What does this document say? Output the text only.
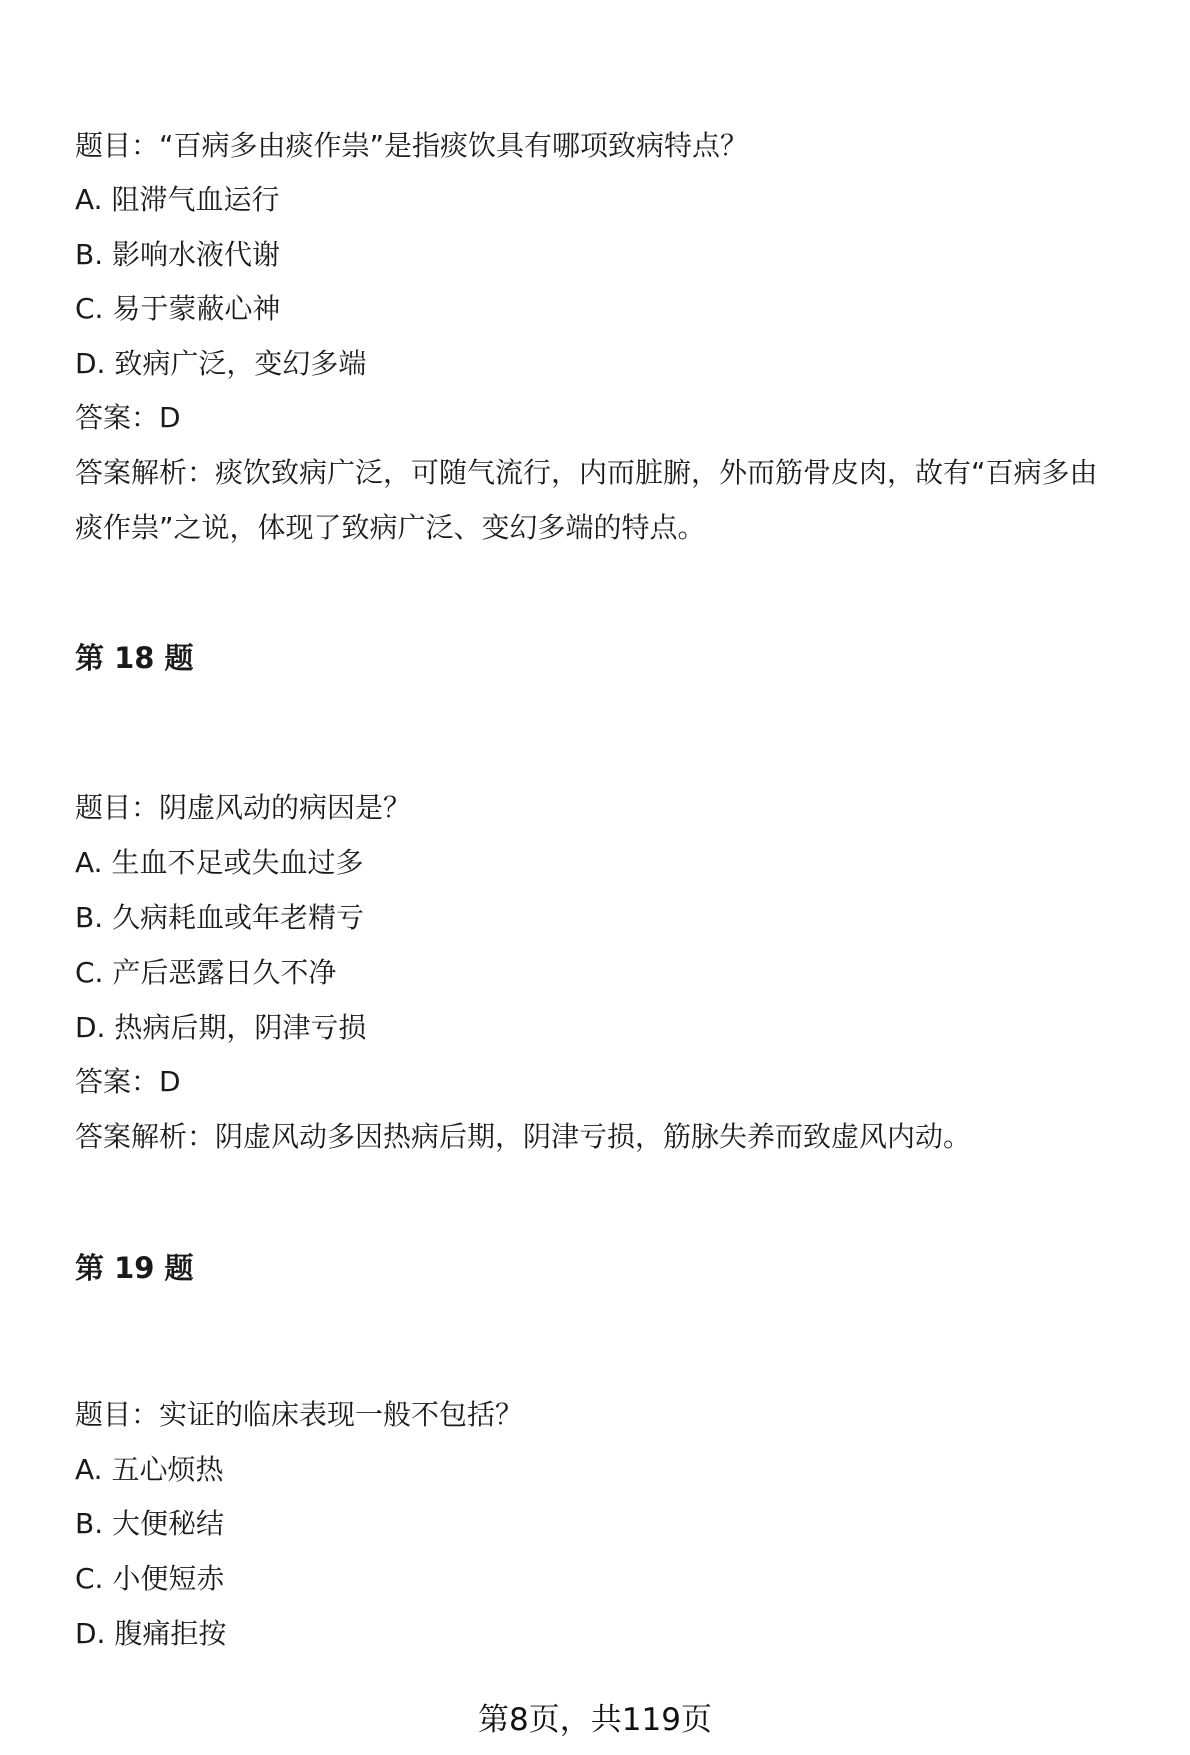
题目：“百病多由痰作祟”是指痰饮具有哪项致病特点？
A. 阻滞气血运行
B. 影响水液代谢
C. 易于蒙蔽心神
D. 致病广泛，变幻多端
答案：D
答案解析：痰饮致病广泛，可随气流行，内而脏腑，外而筋骨皮肉，故有“百病多由
痰作祟”之说，体现了致病广泛、变幻多端的特点。
第 18 题
题目：阴虚风动的病因是？
A. 生血不足或失血过多
B. 久病耗血或年老精亏
C. 产后恶露日久不净
D. 热病后期，阴津亏损
答案：D
答案解析：阴虚风动多因热病后期，阴津亏损，筋脉失养而致虚风内动。
第 19 题
题目：实证的临床表现一般不包括？
A. 五心烦热
B. 大便秘结
C. 小便短赤
D. 腹痛拒按
第8页，共119页
